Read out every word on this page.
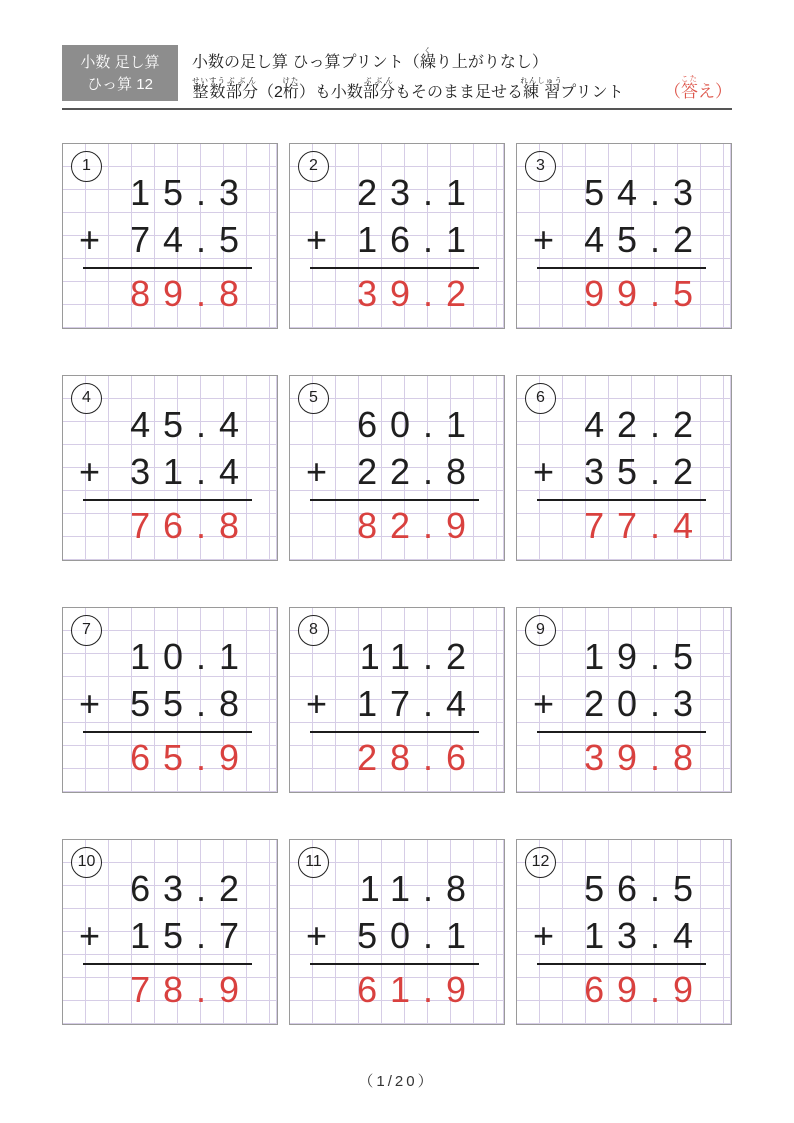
小数 足し算
ひっ算 12
小数の足し算 ひっ算プリント（繰くり上がりなし）
整数せいすう部分ぶぶん（2桁けた）も小数部分ぶぶんもそのまま足せる練習れんしゅうプリント	（答こたえ）
1
15.3
+ 74.5
89.8
2
23.1
+ 16.1
39.2
3
54.3
+ 45.2
99.5
4
45.4
+ 31.4
76.8
5
60.1
+ 22.8
82.9
6
42.2
+ 35.2
77.4
7
10.1
+ 55.8
65.9
8
11.2
+ 17.4
28.6
9
19.5
+ 20.3
39.8
10
63.2
+ 15.7
78.9
11
11.8
+ 50.1
61.9
12
56.5
+ 13.4
69.9
（1/20）
